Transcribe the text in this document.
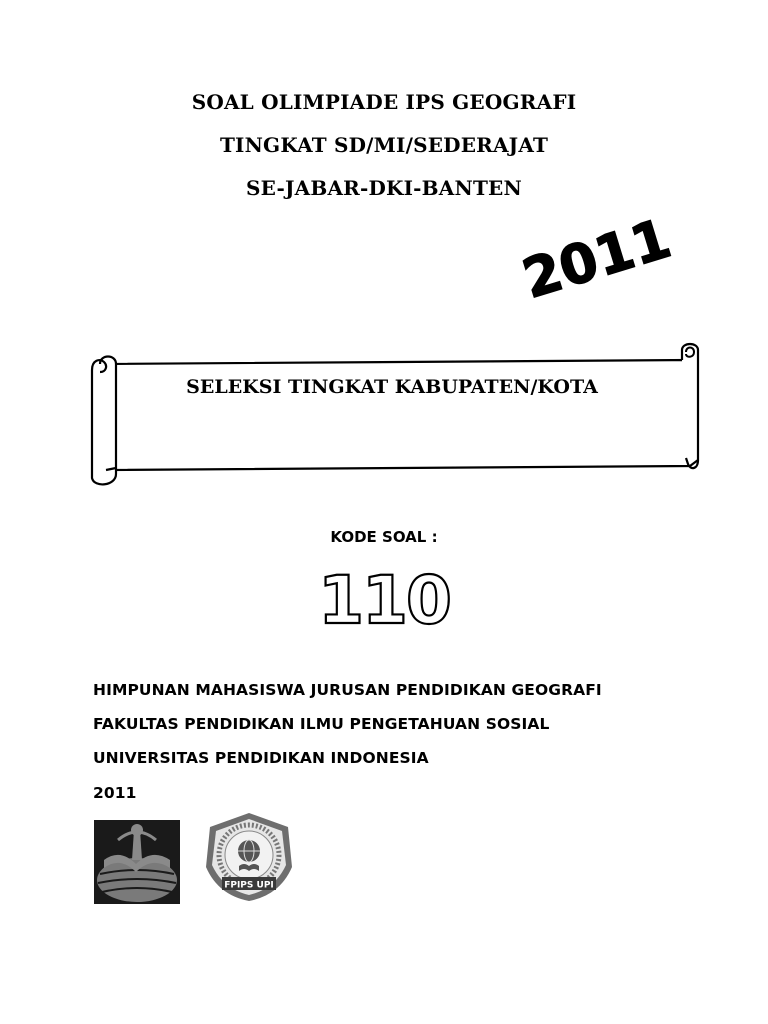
SOAL OLIMPIADE IPS GEOGRAFI
TINGKAT SD/MI/SEDERAJAT
SE-JABAR-DKI-BANTEN
2011
SELEKSI TINGKAT KABUPATEN/KOTA
KODE SOAL :
110
HIMPUNAN MAHASISWA JURUSAN PENDIDIKAN GEOGRAFI
FAKULTAS PENDIDIKAN ILMU PENGETAHUAN SOSIAL
UNIVERSITAS PENDIDIKAN INDONESIA
2011
FPIPS UPI
